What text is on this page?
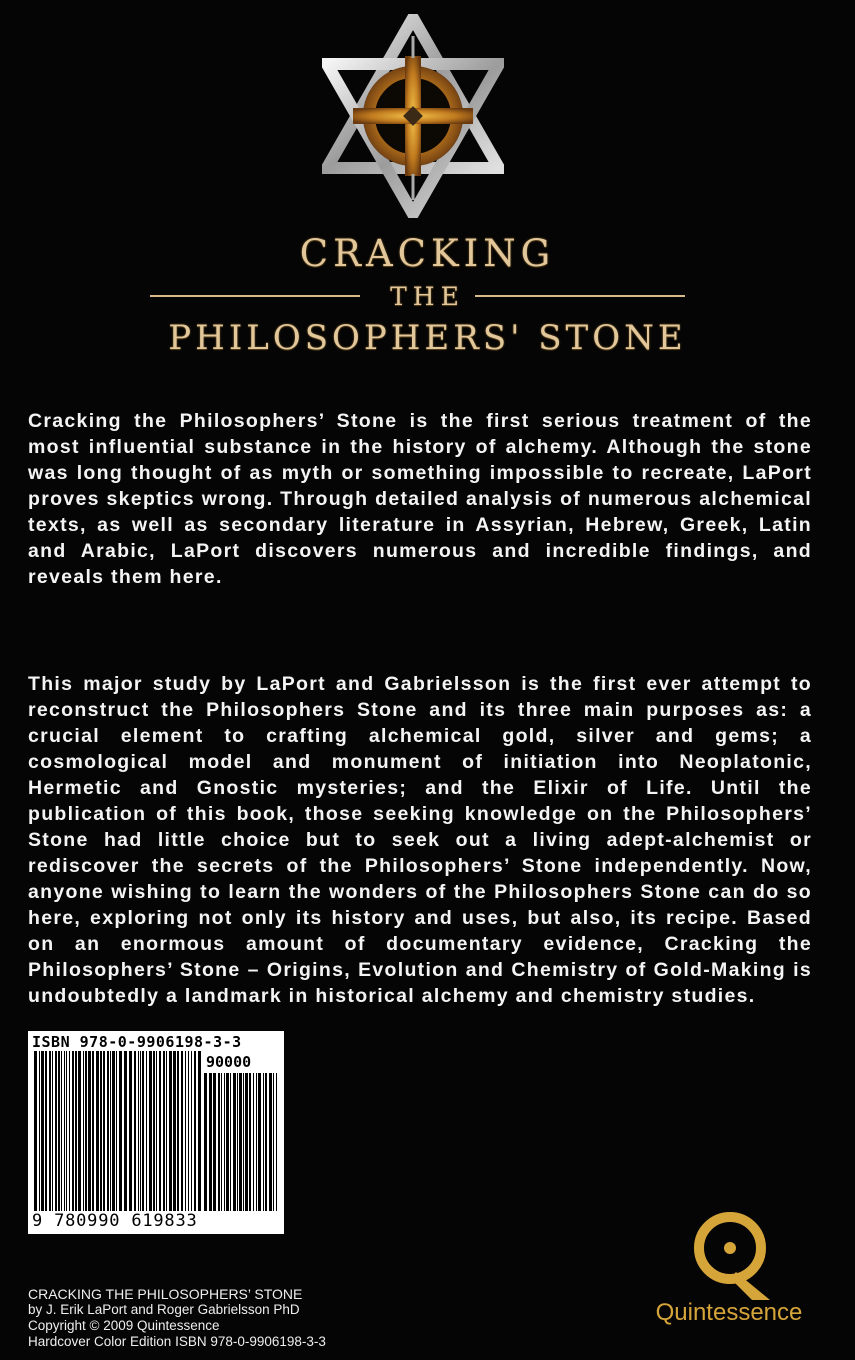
CRACKING
THE
PHILOSOPHERS' STONE

Cracking the Philosophers’ Stone is the first serious treatment of the most influential substance in the history of alchemy. Although the stone was long thought of as myth or something impossible to recreate, LaPort proves skeptics wrong. Through detailed analysis of numerous alchemical texts, as well as secondary literature in Assyrian, Hebrew, Greek, Latin and Arabic, LaPort discovers numerous and incredible findings, and reveals them here.

This major study by LaPort and Gabrielsson is the first ever attempt to reconstruct the Philosophers Stone and its three main purposes as: a crucial element to crafting alchemical gold, silver and gems; a cosmological model and monument of initiation into Neoplatonic, Hermetic and Gnostic mysteries; and the Elixir of Life. Until the publication of this book, those seeking knowledge on the Philosophers’ Stone had little choice but to seek out a living adept-alchemist or rediscover the secrets of the Philosophers’ Stone independently. Now, anyone wishing to learn the wonders of the Philosophers Stone can do so here, exploring not only its history and uses, but also, its recipe. Based on an enormous amount of documentary evidence, Cracking the Philosophers’ Stone – Origins, Evolution and Chemistry of Gold-Making is undoubtedly a landmark in historical alchemy and chemistry studies.

ISBN 978-0-9906198-3-3
90000
9 780990 619833

CRACKING THE PHILOSOPHERS’ STONE

by J. Erik LaPort and Roger Gabrielsson PhD

Copyright © 2009 Quintessence

Hardcover Color Edition ISBN 978-0-9906198-3-3

Quintessence
